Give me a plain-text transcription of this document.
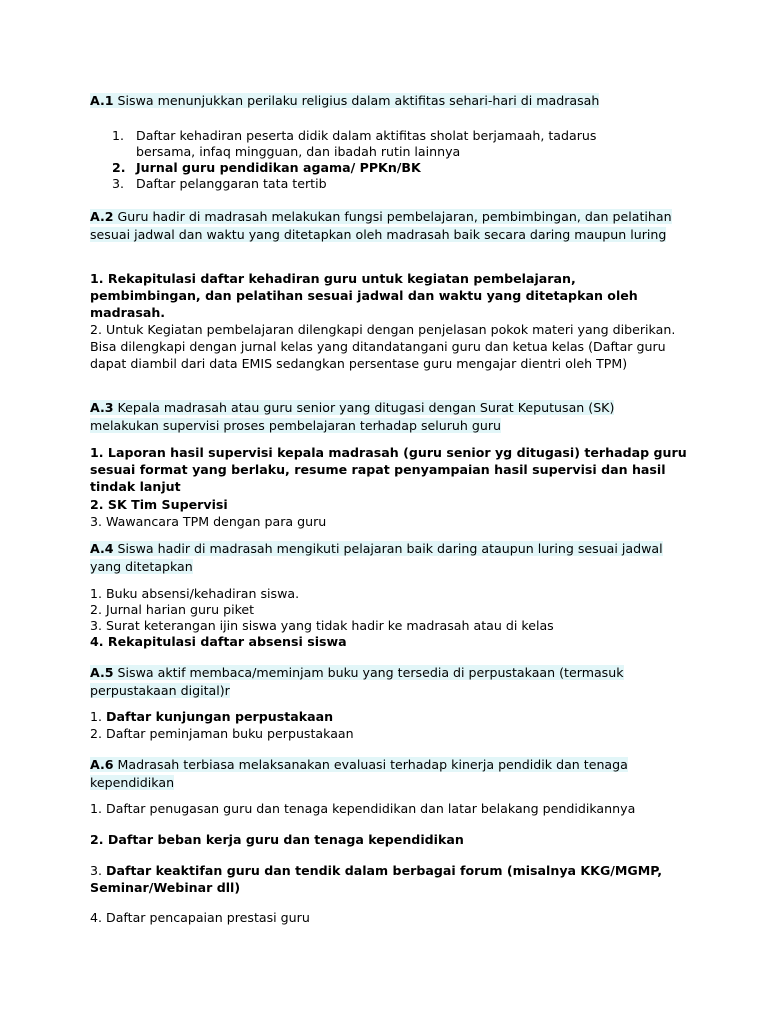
A.1 Siswa menunjukkan perilaku religius dalam aktifitas sehari-hari di madrasah
1. Daftar kehadiran peserta didik dalam aktifitas sholat berjamaah, tadarus bersama, infaq mingguan, dan ibadah rutin lainnya
2. Jurnal guru pendidikan agama/ PPKn/BK
3. Daftar pelanggaran tata tertib
A.2 Guru hadir di madrasah melakukan fungsi pembelajaran, pembimbingan, dan pelatihan sesuai jadwal dan waktu yang ditetapkan oleh madrasah baik secara daring maupun luring
1. Rekapitulasi daftar kehadiran guru untuk kegiatan pembelajaran, pembimbingan, dan pelatihan sesuai jadwal dan waktu yang ditetapkan oleh madrasah.
2. Untuk Kegiatan pembelajaran dilengkapi dengan penjelasan pokok materi yang diberikan. Bisa dilengkapi dengan jurnal kelas yang ditandatangani guru dan ketua kelas (Daftar guru dapat diambil dari data EMIS sedangkan persentase guru mengajar dientri oleh TPM)
A.3 Kepala madrasah atau guru senior yang ditugasi dengan Surat Keputusan (SK) melakukan supervisi proses pembelajaran terhadap seluruh guru
1. Laporan hasil supervisi kepala madrasah (guru senior yg ditugasi) terhadap guru sesuai format yang berlaku, resume rapat penyampaian hasil supervisi dan hasil tindak lanjut
2. SK Tim Supervisi
3. Wawancara TPM dengan para guru
A.4 Siswa hadir di madrasah mengikuti pelajaran baik daring ataupun luring sesuai jadwal yang ditetapkan
1. Buku absensi/kehadiran siswa.
2. Jurnal harian guru piket
3. Surat keterangan ijin siswa yang tidak hadir ke madrasah atau di kelas
4. Rekapitulasi daftar absensi siswa
A.5 Siswa aktif membaca/meminjam buku yang tersedia di perpustakaan (termasuk perpustakaan digital)r
1. Daftar kunjungan perpustakaan
2. Daftar peminjaman buku perpustakaan
A.6 Madrasah terbiasa melaksanakan evaluasi terhadap kinerja pendidik dan tenaga kependidikan
1. Daftar penugasan guru dan tenaga kependidikan dan latar belakang pendidikannya
2. Daftar beban kerja guru dan tenaga kependidikan
3. Daftar keaktifan guru dan tendik dalam berbagai forum (misalnya KKG/MGMP, Seminar/Webinar dll)
4. Daftar pencapaian prestasi guru
